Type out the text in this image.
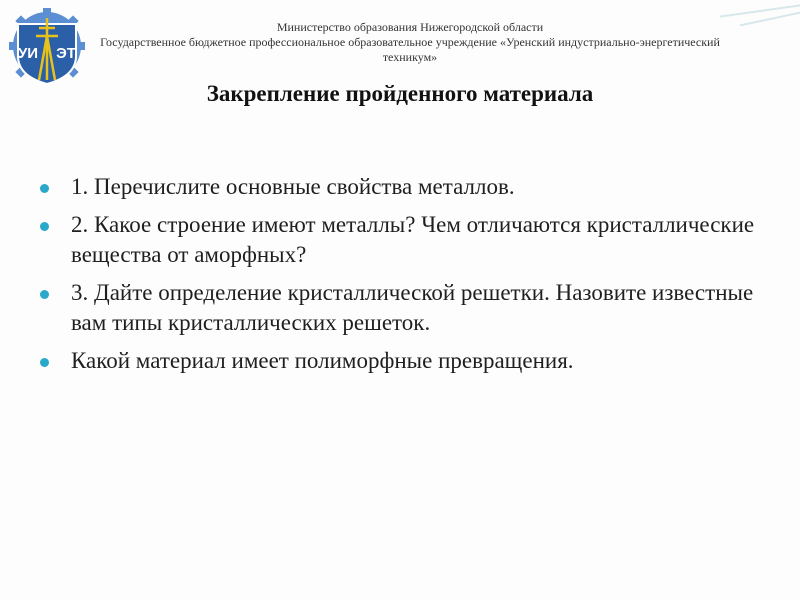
УИ ЭТ
Министерство образования Нижегородской области
Государственное бюджетное профессиональное образовательное учреждение «Уренский индустриально-энергетический техникум»
Закрепление пройденного материала
1. Перечислите основные свойства металлов.
2. Какое строение имеют металлы? Чем отличаются кристаллические вещества от аморфных?
3. Дайте определение кристаллической решетки. Назовите известные вам типы кристаллических решеток.
Какой материал имеет полиморфные превращения.
